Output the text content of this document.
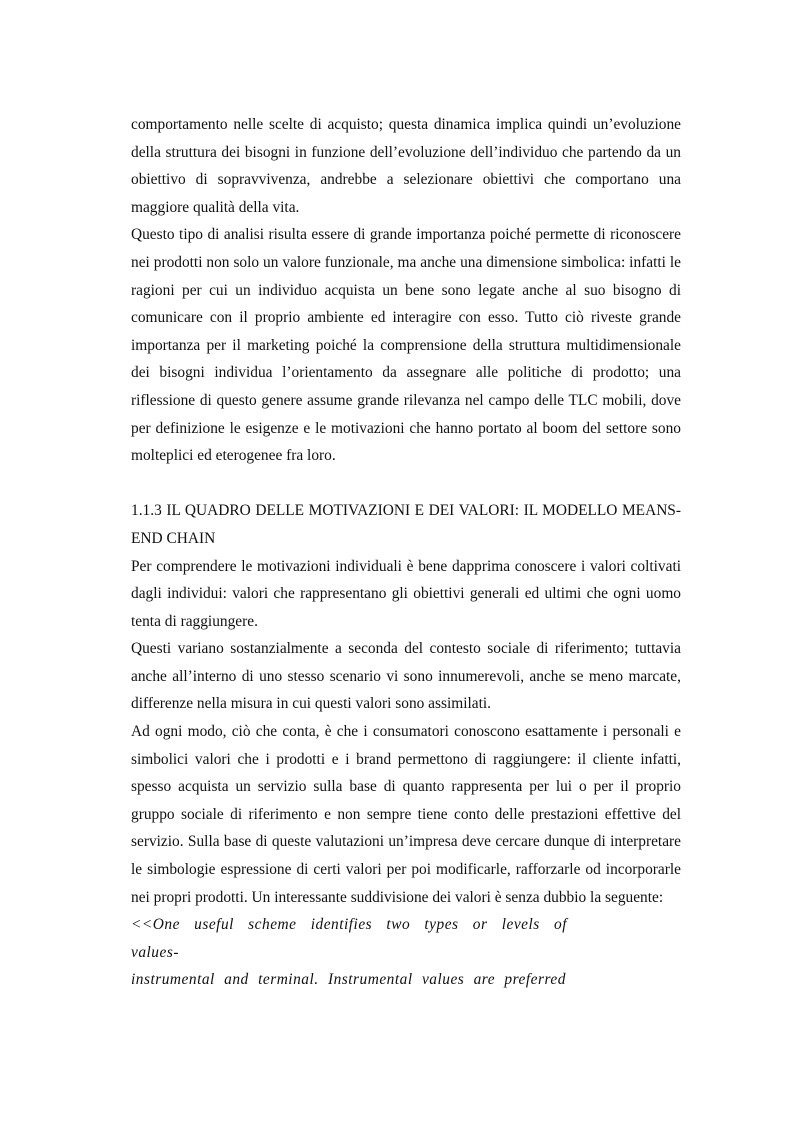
comportamento nelle scelte di acquisto; questa dinamica implica quindi un’evoluzione della struttura dei bisogni in funzione dell’evoluzione dell’individuo che partendo da un obiettivo di sopravvivenza, andrebbe a selezionare obiettivi che comportano una maggiore qualità della vita.

Questo tipo di analisi risulta essere di grande importanza poiché permette di riconoscere nei prodotti non solo un valore funzionale, ma anche una dimensione simbolica: infatti le ragioni per cui un individuo acquista un bene sono legate anche al suo bisogno di comunicare con il proprio ambiente ed interagire con esso. Tutto ciò riveste grande importanza per il marketing poiché la comprensione della struttura multidimensionale dei bisogni individua l’orientamento da assegnare alle politiche di prodotto; una riflessione di questo genere assume grande rilevanza nel campo delle TLC mobili, dove per definizione le esigenze e le motivazioni che hanno portato al boom del settore sono molteplici ed eterogenee fra loro.

1.1.3 IL QUADRO DELLE MOTIVAZIONI E DEI VALORI: IL MODELLO MEANS-END CHAIN

Per comprendere le motivazioni individuali è bene dapprima conoscere i valori coltivati dagli individui: valori che rappresentano gli obiettivi generali ed ultimi che ogni uomo tenta di raggiungere.

Questi variano sostanzialmente a seconda del contesto sociale di riferimento; tuttavia anche all’interno di uno stesso scenario vi sono innumerevoli, anche se meno marcate, differenze nella misura in cui questi valori sono assimilati.

Ad ogni modo, ciò che conta, è che i consumatori conoscono esattamente i personali e simbolici valori che i prodotti e i brand permettono di raggiungere: il cliente infatti, spesso acquista un servizio sulla base di quanto rappresenta per lui o per il proprio gruppo sociale di riferimento e non sempre tiene conto delle prestazioni effettive del servizio. Sulla base di queste valutazioni un’impresa deve cercare dunque di interpretare le simbologie espressione di certi valori per poi modificarle, rafforzarle od incorporarle nei propri prodotti. Un interessante suddivisione dei valori è senza dubbio la seguente:

<<One useful scheme identifies two types or levels of values-

instrumental and terminal. Instrumental values are preferred
